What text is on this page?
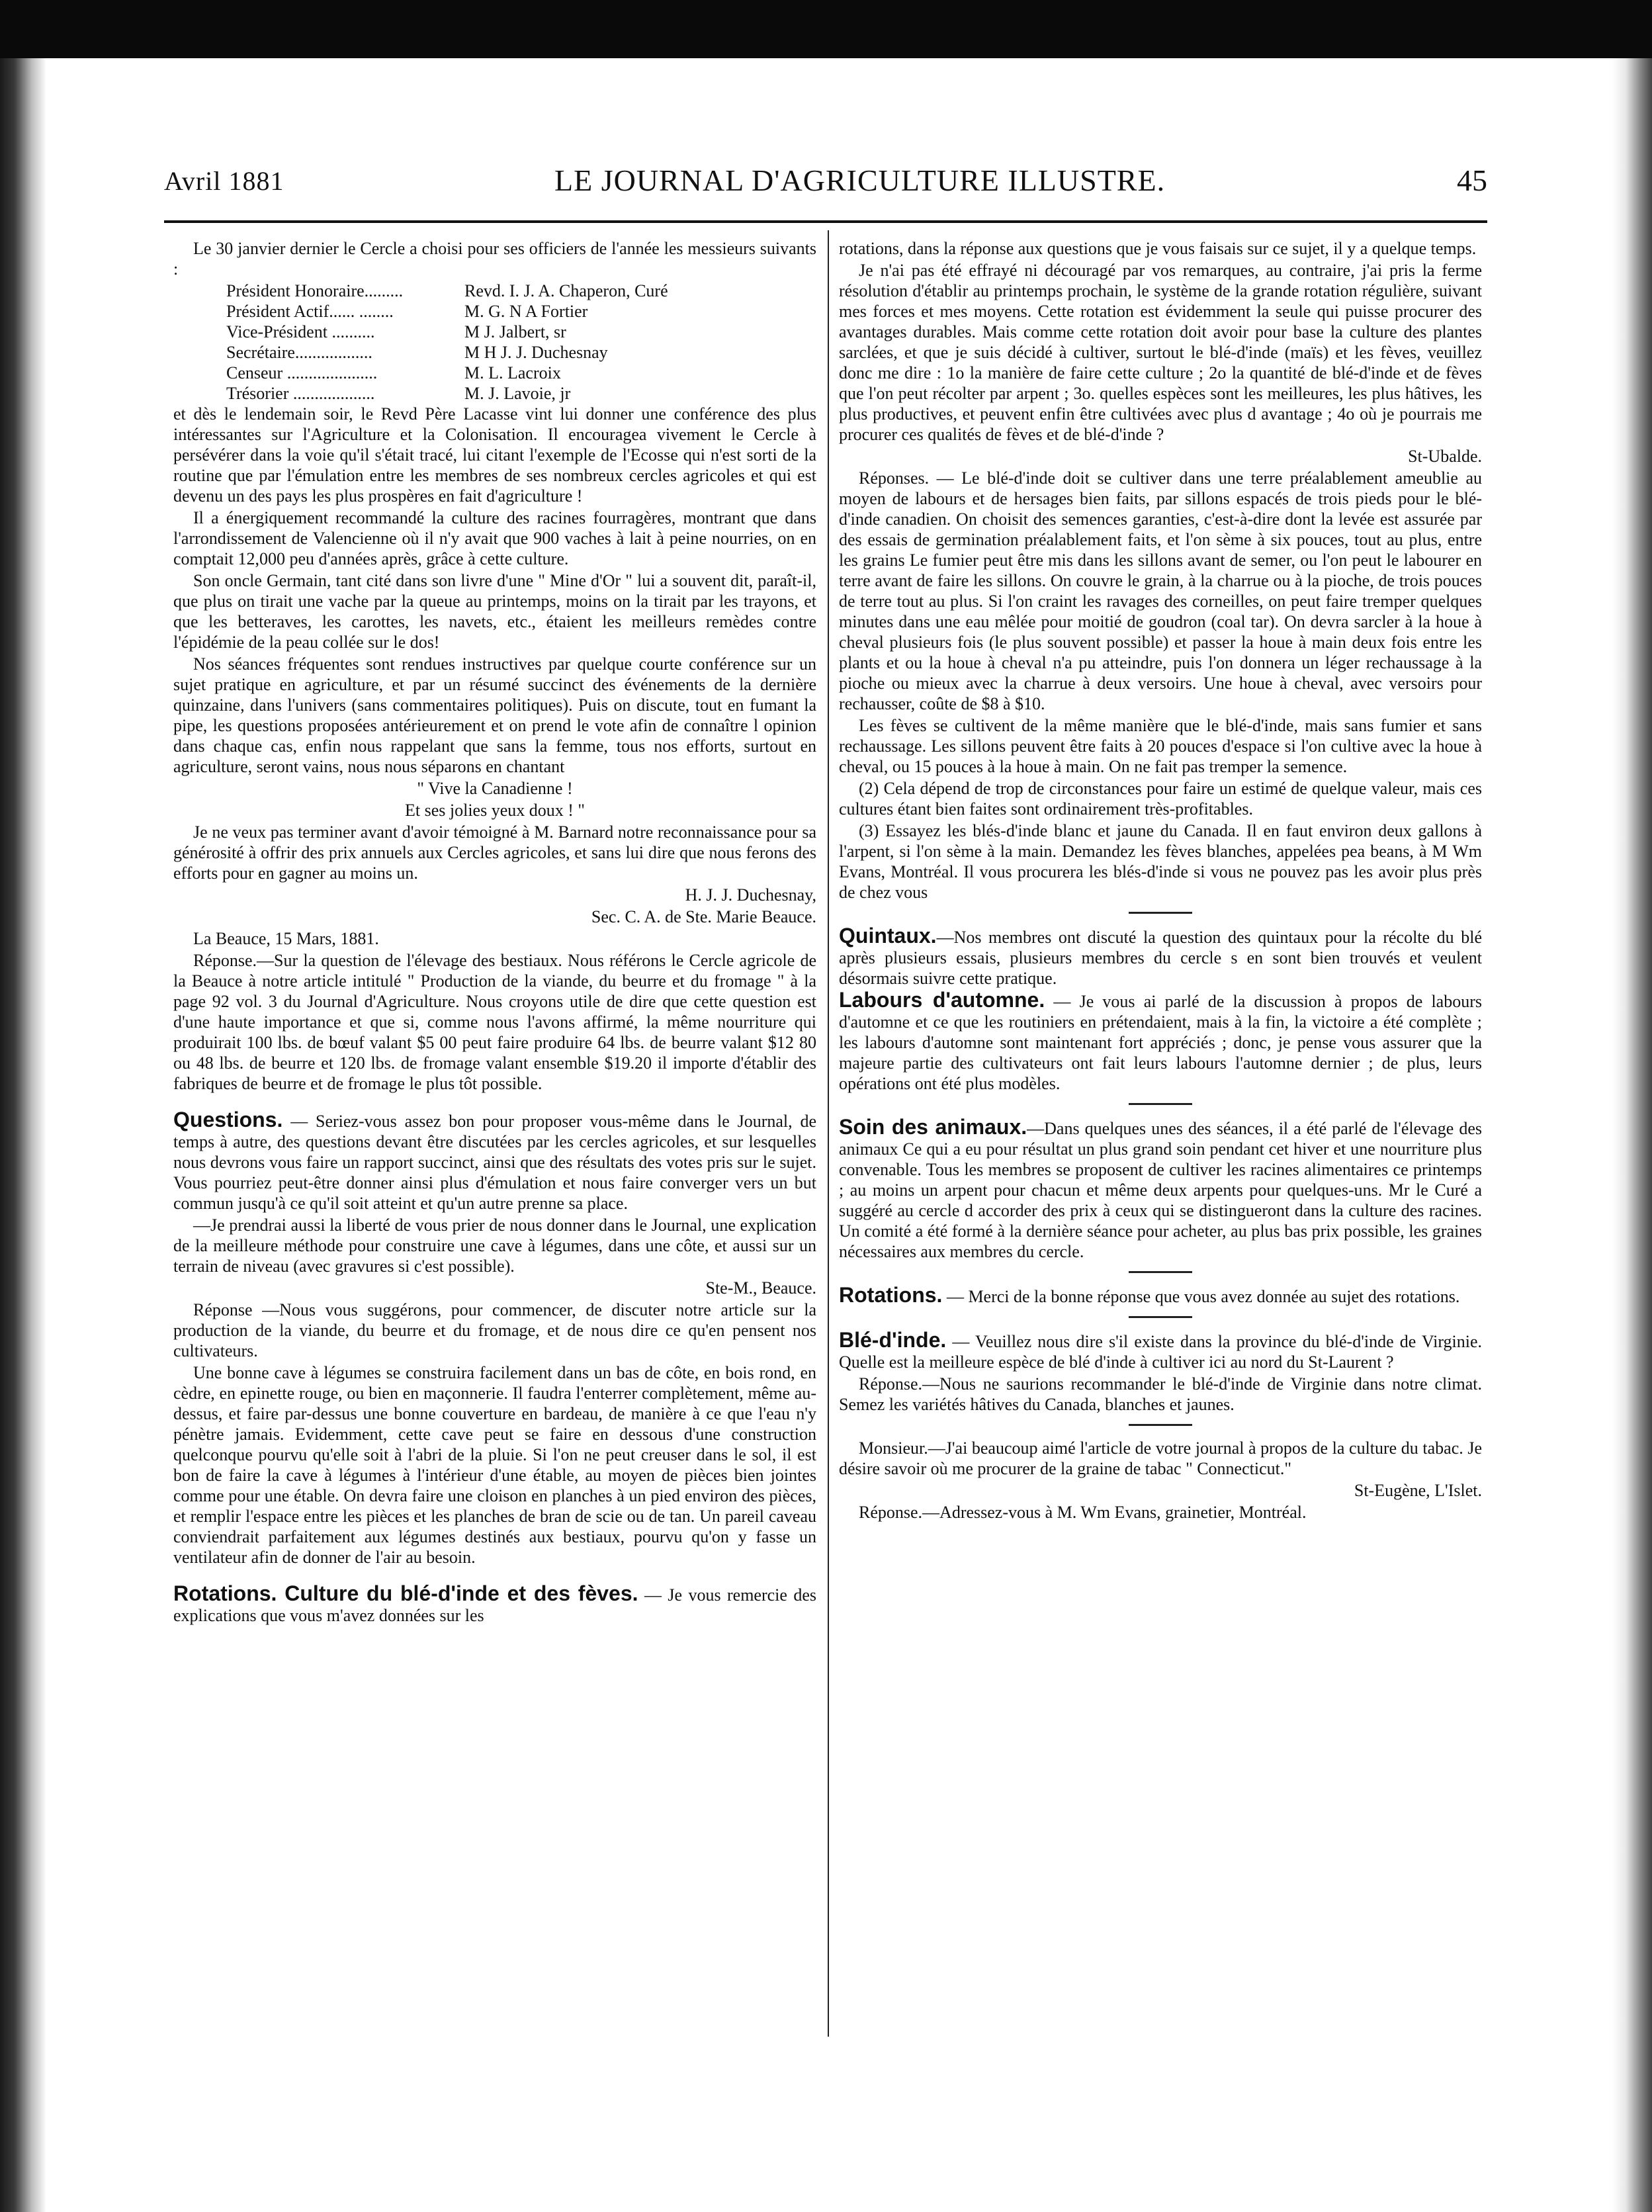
Avril 1881	LE JOURNAL D'AGRICULTURE ILLUSTRE.	45

Le 30 janvier dernier le Cercle a choisi pour ses officiers de l'année les messieurs suivants :

Président Honoraire.........	Revd. I. J. A. Chaperon, Curé
Président Actif...... ........	M. G. N A Fortier
Vice-Président ..........	M J. Jalbert, sr
Secrétaire..................	M H J. J. Duchesnay
Censeur .....................	M. L. Lacroix
Trésorier ...................	M. J. Lavoie, jr

et dès le lendemain soir, le Revd Père Lacasse vint lui donner une conférence des plus intéressantes sur l'Agriculture et la Colonisation. Il encouragea vivement le Cercle à persévérer dans la voie qu'il s'était tracé, lui citant l'exemple de l'Ecosse qui n'est sorti de la routine que par l'émulation entre les membres de ses nombreux cercles agricoles et qui est devenu un des pays les plus prospères en fait d'agriculture !

Il a énergiquement recommandé la culture des racines fourragères, montrant que dans l'arrondissement de Valencienne où il n'y avait que 900 vaches à lait à peine nourries, on en comptait 12,000 peu d'années après, grâce à cette culture.

Son oncle Germain, tant cité dans son livre d'une " Mine d'Or " lui a souvent dit, paraît-il, que plus on tirait une vache par la queue au printemps, moins on la tirait par les trayons, et que les betteraves, les carottes, les navets, etc., étaient les meilleurs remèdes contre l'épidémie de la peau collée sur le dos!

Nos séances fréquentes sont rendues instructives par quelque courte conférence sur un sujet pratique en agriculture, et par un résumé succinct des événements de la dernière quinzaine, dans l'univers (sans commentaires politiques). Puis on discute, tout en fumant la pipe, les questions proposées antérieurement et on prend le vote afin de connaître l opinion dans chaque cas, enfin nous rappelant que sans la femme, tous nos efforts, surtout en agriculture, seront vains, nous nous séparons en chantant

" Vive la Canadienne !

Et ses jolies yeux doux ! "

Je ne veux pas terminer avant d'avoir témoigné à M. Barnard notre reconnaissance pour sa générosité à offrir des prix annuels aux Cercles agricoles, et sans lui dire que nous ferons des efforts pour en gagner au moins un.

H. J. J. Duchesnay,

Sec. C. A. de Ste. Marie Beauce.

La Beauce, 15 Mars, 1881.

Réponse.—Sur la question de l'élevage des bestiaux. Nous référons le Cercle agricole de la Beauce à notre article intitulé " Production de la viande, du beurre et du fromage " à la page 92 vol. 3 du Journal d'Agriculture. Nous croyons utile de dire que cette question est d'une haute importance et que si, comme nous l'avons affirmé, la même nourriture qui produirait 100 lbs. de bœuf valant $5 00 peut faire produire 64 lbs. de beurre valant $12 80 ou 48 lbs. de beurre et 120 lbs. de fromage valant ensemble $19.20 il importe d'établir des fabriques de beurre et de fromage le plus tôt possible.

Questions. — Seriez-vous assez bon pour proposer vous-même dans le Journal, de temps à autre, des questions devant être discutées par les cercles agricoles, et sur lesquelles nous devrons vous faire un rapport succinct, ainsi que des résultats des votes pris sur le sujet. Vous pourriez peut-être donner ainsi plus d'émulation et nous faire converger vers un but commun jusqu'à ce qu'il soit atteint et qu'un autre prenne sa place.

—Je prendrai aussi la liberté de vous prier de nous donner dans le Journal, une explication de la meilleure méthode pour construire une cave à légumes, dans une côte, et aussi sur un terrain de niveau (avec gravures si c'est possible).

Ste-M., Beauce.

Réponse —Nous vous suggérons, pour commencer, de discuter notre article sur la production de la viande, du beurre et du fromage, et de nous dire ce qu'en pensent nos cultivateurs.

Une bonne cave à légumes se construira facilement dans un bas de côte, en bois rond, en cèdre, en epinette rouge, ou bien en maçonnerie. Il faudra l'enterrer complètement, même au-dessus, et faire par-dessus une bonne couverture en bardeau, de manière à ce que l'eau n'y pénètre jamais. Evidemment, cette cave peut se faire en dessous d'une construction quelconque pourvu qu'elle soit à l'abri de la pluie. Si l'on ne peut creuser dans le sol, il est bon de faire la cave à légumes à l'intérieur d'une étable, au moyen de pièces bien jointes comme pour une étable. On devra faire une cloison en planches à un pied environ des pièces, et remplir l'espace entre les pièces et les planches de bran de scie ou de tan. Un pareil caveau conviendrait parfaitement aux légumes destinés aux bestiaux, pourvu qu'on y fasse un ventilateur afin de donner de l'air au besoin.

Rotations. Culture du blé-d'inde et des fèves. — Je vous remercie des explications que vous m'avez données sur les

rotations, dans la réponse aux questions que je vous faisais sur ce sujet, il y a quelque temps.

Je n'ai pas été effrayé ni découragé par vos remarques, au contraire, j'ai pris la ferme résolution d'établir au printemps prochain, le système de la grande rotation régulière, suivant mes forces et mes moyens. Cette rotation est évidemment la seule qui puisse procurer des avantages durables. Mais comme cette rotation doit avoir pour base la culture des plantes sarclées, et que je suis décidé à cultiver, surtout le blé-d'inde (maïs) et les fèves, veuillez donc me dire : 1o la manière de faire cette culture ; 2o la quantité de blé-d'inde et de fèves que l'on peut récolter par arpent ; 3o. quelles espèces sont les meilleures, les plus hâtives, les plus productives, et peuvent enfin être cultivées avec plus d avantage ; 4o où je pourrais me procurer ces qualités de fèves et de blé-d'inde ?

St-Ubalde.

Réponses. — Le blé-d'inde doit se cultiver dans une terre préalablement ameublie au moyen de labours et de hersages bien faits, par sillons espacés de trois pieds pour le blé-d'inde canadien. On choisit des semences garanties, c'est-à-dire dont la levée est assurée par des essais de germination préalablement faits, et l'on sème à six pouces, tout au plus, entre les grains Le fumier peut être mis dans les sillons avant de semer, ou l'on peut le labourer en terre avant de faire les sillons. On couvre le grain, à la charrue ou à la pioche, de trois pouces de terre tout au plus. Si l'on craint les ravages des corneilles, on peut faire tremper quelques minutes dans une eau mêlée pour moitié de goudron (coal tar). On devra sarcler à la houe à cheval plusieurs fois (le plus souvent possible) et passer la houe à main deux fois entre les plants et ou la houe à cheval n'a pu atteindre, puis l'on donnera un léger rechaussage à la pioche ou mieux avec la charrue à deux versoirs. Une houe à cheval, avec versoirs pour rechausser, coûte de $8 à $10.

Les fèves se cultivent de la même manière que le blé-d'inde, mais sans fumier et sans rechaussage. Les sillons peuvent être faits à 20 pouces d'espace si l'on cultive avec la houe à cheval, ou 15 pouces à la houe à main. On ne fait pas tremper la semence.

(2) Cela dépend de trop de circonstances pour faire un estimé de quelque valeur, mais ces cultures étant bien faites sont ordinairement très-profitables.

(3) Essayez les blés-d'inde blanc et jaune du Canada. Il en faut environ deux gallons à l'arpent, si l'on sème à la main. Demandez les fèves blanches, appelées pea beans, à M Wm Evans, Montréal. Il vous procurera les blés-d'inde si vous ne pouvez pas les avoir plus près de chez vous

Quintaux.—Nos membres ont discuté la question des quintaux pour la récolte du blé après plusieurs essais, plusieurs membres du cercle s en sont bien trouvés et veulent désormais suivre cette pratique.

Labours d'automne. — Je vous ai parlé de la discussion à propos de labours d'automne et ce que les routiniers en prétendaient, mais à la fin, la victoire a été complète ; les labours d'automne sont maintenant fort appréciés ; donc, je pense vous assurer que la majeure partie des cultivateurs ont fait leurs labours l'automne dernier ; de plus, leurs opérations ont été plus modèles.

Soin des animaux.—Dans quelques unes des séances, il a été parlé de l'élevage des animaux Ce qui a eu pour résultat un plus grand soin pendant cet hiver et une nourriture plus convenable. Tous les membres se proposent de cultiver les racines alimentaires ce printemps ; au moins un arpent pour chacun et même deux arpents pour quelques-uns. Mr le Curé a suggéré au cercle d accorder des prix à ceux qui se distingueront dans la culture des racines. Un comité a été formé à la dernière séance pour acheter, au plus bas prix possible, les graines nécessaires aux membres du cercle.

Rotations. — Merci de la bonne réponse que vous avez donnée au sujet des rotations.

Blé-d'inde. — Veuillez nous dire s'il existe dans la province du blé-d'inde de Virginie. Quelle est la meilleure espèce de blé d'inde à cultiver ici au nord du St-Laurent ?

Réponse.—Nous ne saurions recommander le blé-d'inde de Virginie dans notre climat. Semez les variétés hâtives du Canada, blanches et jaunes.

Monsieur.—J'ai beaucoup aimé l'article de votre journal à propos de la culture du tabac. Je désire savoir où me procurer de la graine de tabac " Connecticut."

St-Eugène, L'Islet.

Réponse.—Adressez-vous à M. Wm Evans, grainetier, Montréal.
